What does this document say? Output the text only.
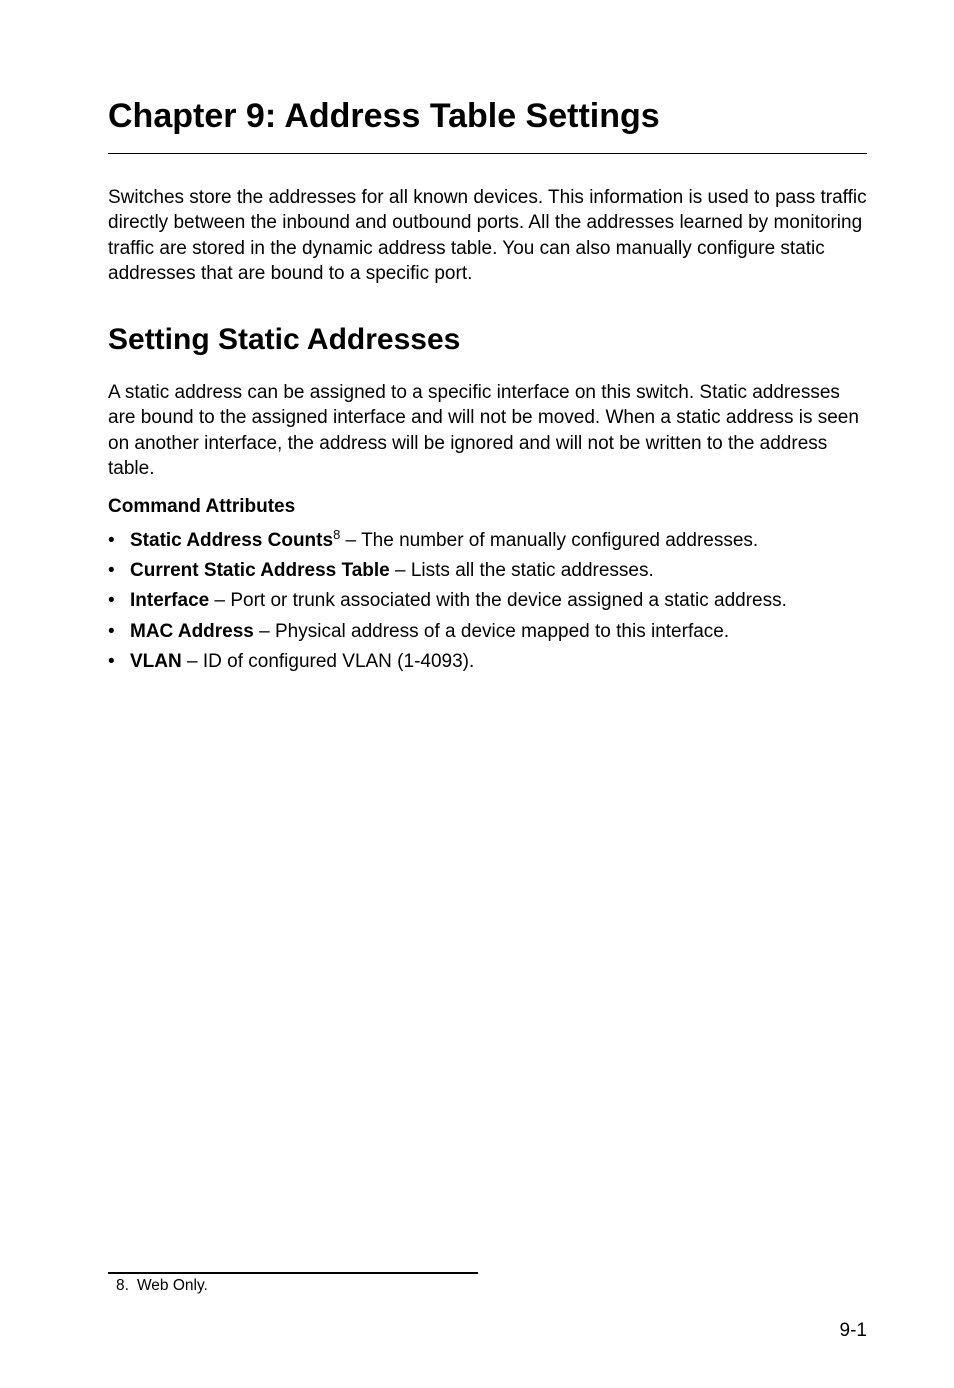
Chapter 9: Address Table Settings

Switches store the addresses for all known devices. This information is used to pass traffic directly between the inbound and outbound ports. All the addresses learned by monitoring traffic are stored in the dynamic address table. You can also manually configure static addresses that are bound to a specific port.

Setting Static Addresses

A static address can be assigned to a specific interface on this switch. Static addresses are bound to the assigned interface and will not be moved. When a static address is seen on another interface, the address will be ignored and will not be written to the address table.

Command Attributes

• Static Address Counts$^8$ – The number of manually configured addresses.
• Current Static Address Table – Lists all the static addresses.
• Interface – Port or trunk associated with the device assigned a static address.
• MAC Address – Physical address of a device mapped to this interface.
• VLAN – ID of configured VLAN (1-4093).

8. Web Only.

9-1
